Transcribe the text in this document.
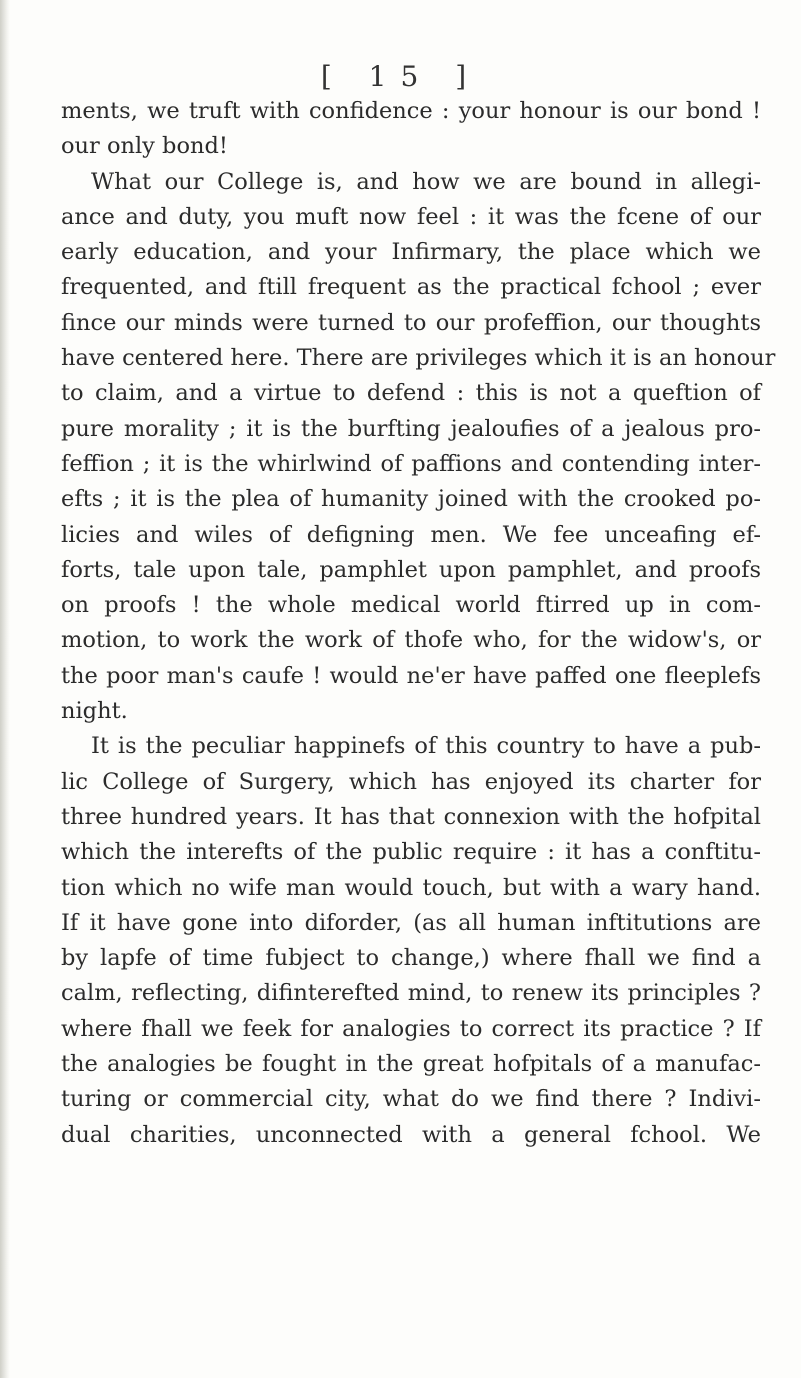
[ 15 ]
ments, we truft with confidence : your honour is our bond !
our only bond!
What our College is, and how we are bound in allegi-
ance and duty, you muft now feel : it was the fcene of our
early education, and your Infirmary, the place which we
frequented, and ftill frequent as the practical fchool ; ever
fince our minds were turned to our profeffion, our thoughts
have centered here. There are privileges which it is an honour
to claim, and a virtue to defend : this is not a queftion of
pure morality ; it is the burfting jealoufies of a jealous pro-
feffion ; it is the whirlwind of paffions and contending inter-
efts ; it is the plea of humanity joined with the crooked po-
licies and wiles of defigning men. We fee unceafing ef-
forts, tale upon tale, pamphlet upon pamphlet, and proofs
on proofs ! the whole medical world ftirred up in com-
motion, to work the work of thofe who, for the widow's, or
the poor man's caufe ! would ne'er have paffed one fleeplefs
night.
It is the peculiar happinefs of this country to have a pub-
lic College of Surgery, which has enjoyed its charter for
three hundred years. It has that connexion with the hofpital
which the interefts of the public require : it has a conftitu-
tion which no wife man would touch, but with a wary hand.
If it have gone into diforder, (as all human inftitutions are
by lapfe of time fubject to change,) where fhall we find a
calm, reflecting, difinterefted mind, to renew its principles ?
where fhall we feek for analogies to correct its practice ? If
the analogies be fought in the great hofpitals of a manufac-
turing or commercial city, what do we find there ? Indivi-
dual charities, unconnected with a general fchool. We
